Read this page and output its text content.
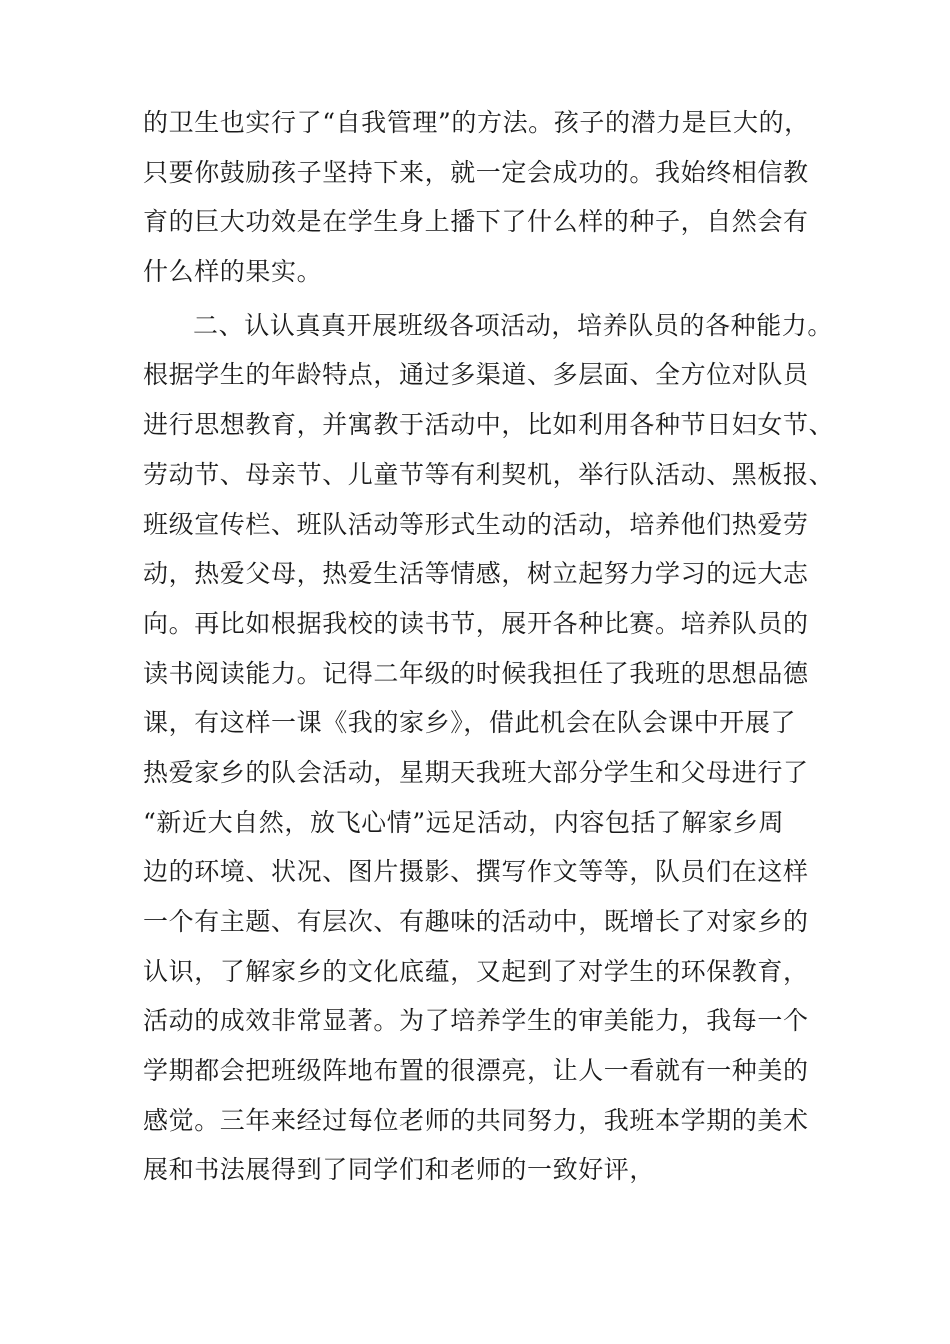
的卫生也实行了“自我管理”的方法。孩子的潜力是巨大的，
只要你鼓励孩子坚持下来，就一定会成功的。我始终相信教
育的巨大功效是在学生身上播下了什么样的种子，自然会有
什么样的果实。
二、认认真真开展班级各项活动，培养队员的各种能力。
根据学生的年龄特点，通过多渠道、多层面、全方位对队员
进行思想教育，并寓教于活动中，比如利用各种节日妇女节、
劳动节、母亲节、儿童节等有利契机，举行队活动、黑板报、
班级宣传栏、班队活动等形式生动的活动，培养他们热爱劳
动，热爱父母，热爱生活等情感，树立起努力学习的远大志
向。再比如根据我校的读书节，展开各种比赛。培养队员的
读书阅读能力。记得二年级的时候我担任了我班的思想品德
课，有这样一课《我的家乡》，借此机会在队会课中开展了
热爱家乡的队会活动，星期天我班大部分学生和父母进行了
“新近大自然，放飞心情”远足活动，内容包括了解家乡周
边的环境、状况、图片摄影、撰写作文等等，队员们在这样
一个有主题、有层次、有趣味的活动中，既增长了对家乡的
认识，了解家乡的文化底蕴，又起到了对学生的环保教育，
活动的成效非常显著。为了培养学生的审美能力，我每一个
学期都会把班级阵地布置的很漂亮，让人一看就有一种美的
感觉。三年来经过每位老师的共同努力，我班本学期的美术
展和书法展得到了同学们和老师的一致好评，
